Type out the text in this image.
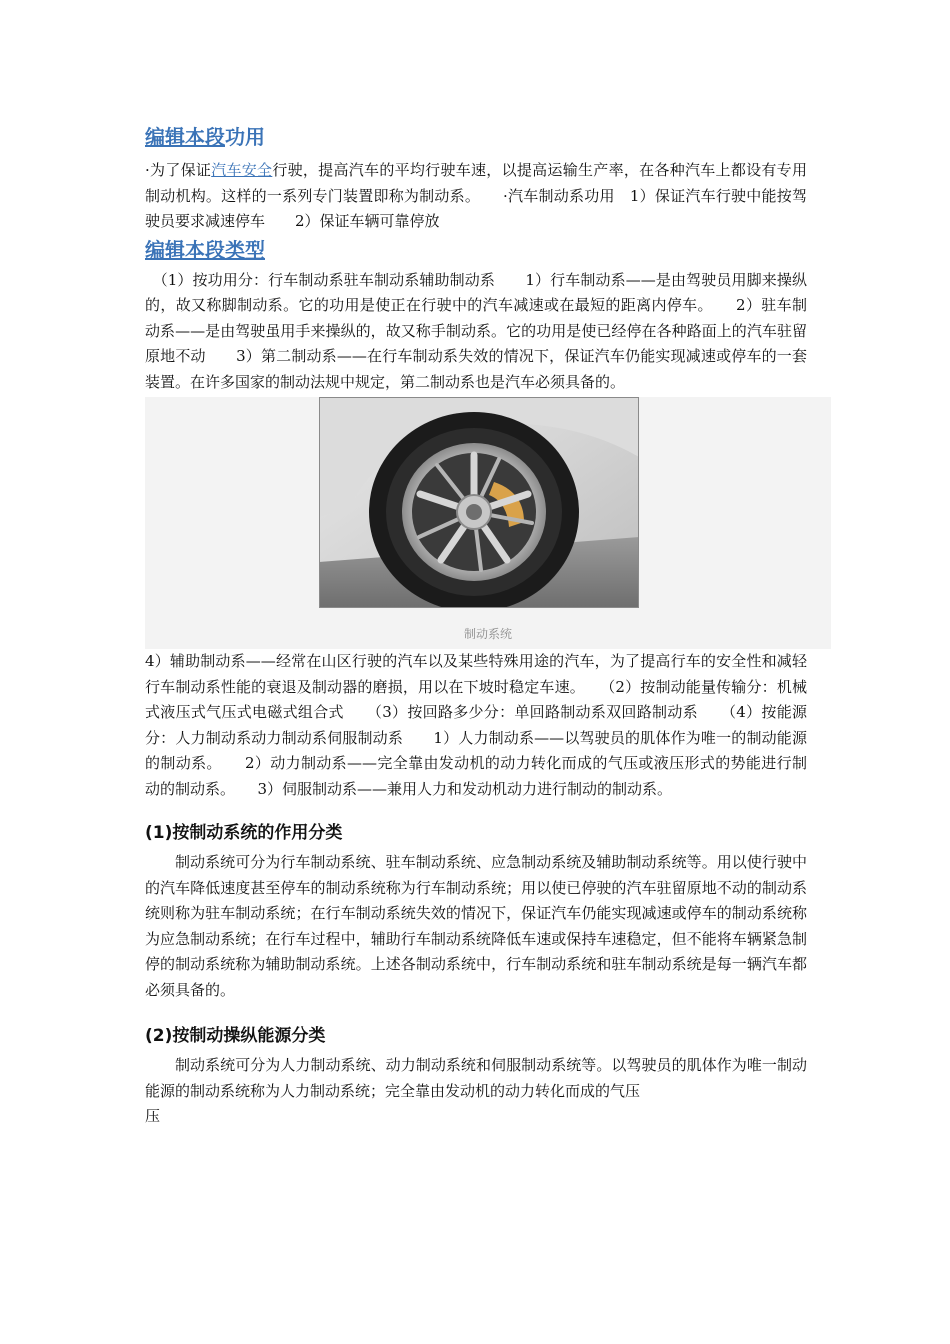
编辑本段功用

·为了保证汽车安全行驶，提高汽车的平均行驶车速，以提高运输生产率，在各种汽车上都设有专用制动机构。这样的一系列专门装置即称为制动系。　　·汽车制动系功用　1）保证汽车行驶中能按驾驶员要求减速停车　　2）保证车辆可靠停放

编辑本段类型

　（1）按功用分：行车制动系驻车制动系辅助制动系　　1）行车制动系——是由驾驶员用脚来操纵的，故又称脚制动系。它的功用是使正在行驶中的汽车减速或在最短的距离内停车。　　2）驻车制动系——是由驾驶虽用手来操纵的，故又称手制动系。它的功用是使已经停在各种路面上的汽车驻留原地不动　　3）第二制动系——在行车制动系失效的情况下，保证汽车仍能实现减速或停车的一套装置。在许多国家的制动法规中规定，第二制动系也是汽车必须具备的。

制动系统

4）辅助制动系——经常在山区行驶的汽车以及某些特殊用途的汽车，为了提高行车的安全性和减轻行车制动系性能的衰退及制动器的磨损，用以在下坡时稳定车速。　　（2）按制动能量传输分：机械式液压式气压式电磁式组合式　　（3）按回路多少分：单回路制动系双回路制动系　　（4）按能源分：人力制动系动力制动系伺服制动系　　1）人力制动系——以驾驶员的肌体作为唯一的制动能源的制动系。　　2）动力制动系——完全靠由发动机的动力转化而成的气压或液压形式的势能进行制动的制动系。　　3）伺服制动系——兼用人力和发动机动力进行制动的制动系。

(1)按制动系统的作用分类

制动系统可分为行车制动系统、驻车制动系统、应急制动系统及辅助制动系统等。用以使行驶中的汽车降低速度甚至停车的制动系统称为行车制动系统；用以使已停驶的汽车驻留原地不动的制动系统则称为驻车制动系统；在行车制动系统失效的情况下，保证汽车仍能实现减速或停车的制动系统称为应急制动系统；在行车过程中，辅助行车制动系统降低车速或保持车速稳定，但不能将车辆紧急制停的制动系统称为辅助制动系统。上述各制动系统中，行车制动系统和驻车制动系统是每一辆汽车都必须具备的。

(2)按制动操纵能源分类

制动系统可分为人力制动系统、动力制动系统和伺服制动系统等。以驾驶员的肌体作为唯一制动能源的制动系统称为人力制动系统；完全靠由发动机的动力转化而成的气压

压
